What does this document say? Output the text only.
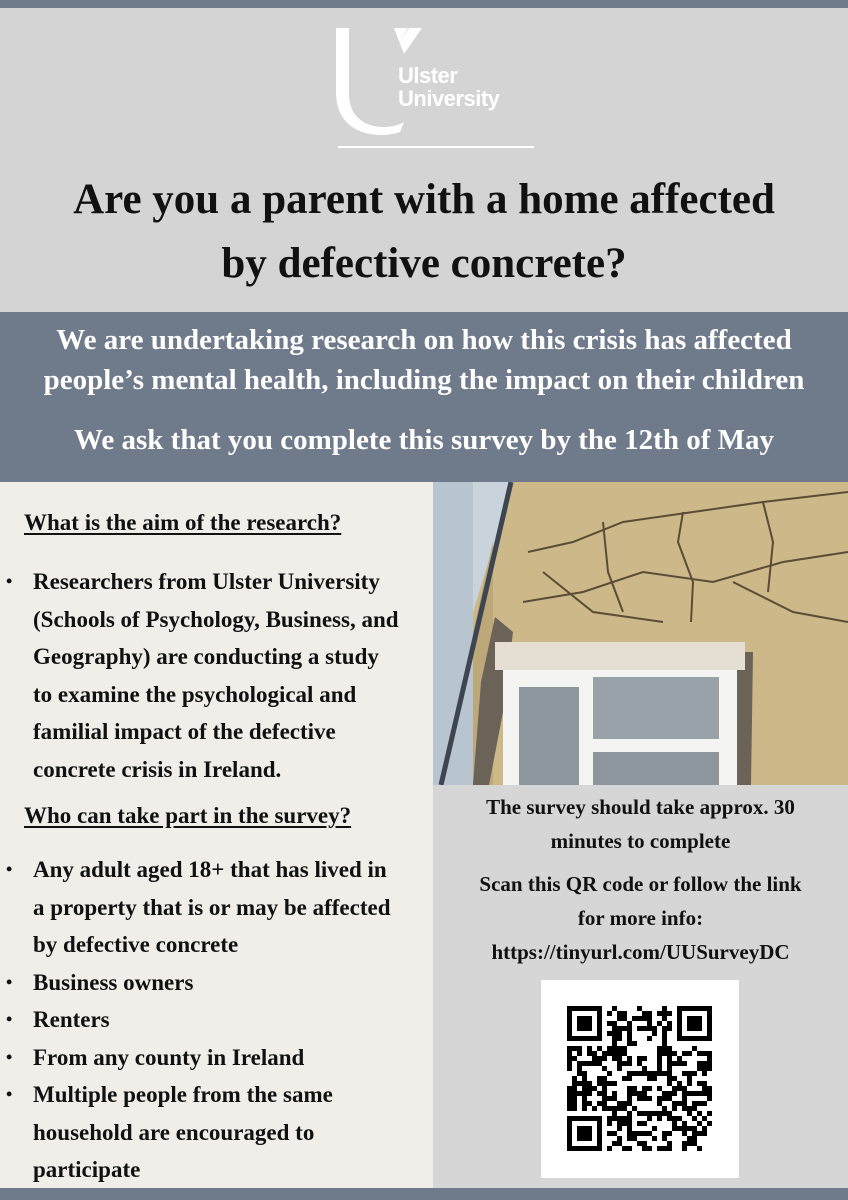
Ulster
University
Are you a parent with a home affected
by defective concrete?
We are undertaking research on how this crisis has affected
people’s mental health, including the impact on their children
We ask that you complete this survey by the 12th of May
What is the aim of the research?
• Researchers from Ulster University (Schools of Psychology, Business, and Geography) are conducting a study to examine the psychological and familial impact of the defective concrete crisis in Ireland.
Who can take part in the survey?
• Any adult aged 18+ that has lived in a property that is or may be affected by defective concrete
• Business owners
• Renters
• From any county in Ireland
• Multiple people from the same household are encouraged to participate
The survey should take approx. 30
minutes to complete
Scan this QR code or follow the link
for more info:
https://tinyurl.com/UUSurveyDC
